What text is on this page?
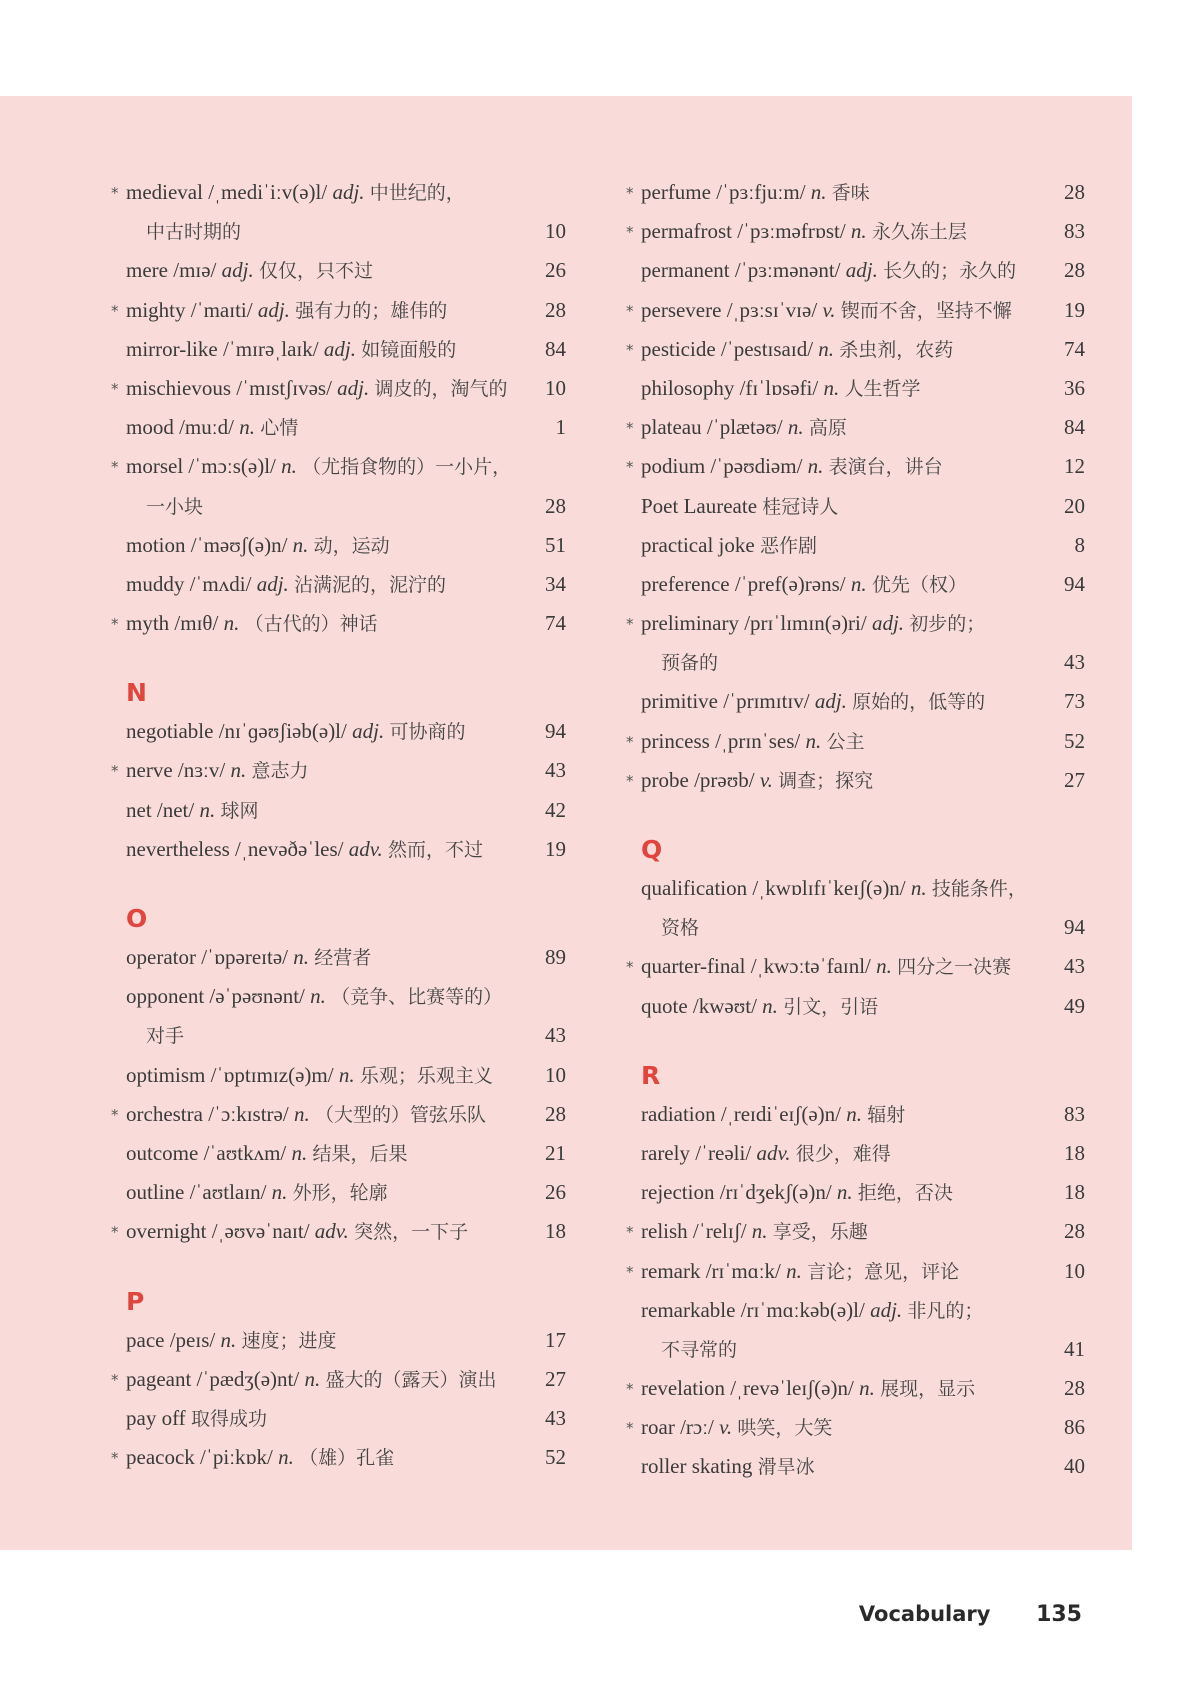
* medieval /ˌmediˈiːv(ə)l/ adj. 中世纪的，
中古时期的	10
mere /mɪə/ adj. 仅仅，只不过	26
* mighty /ˈmaɪti/ adj. 强有力的；雄伟的	28
mirror-like /ˈmɪrəˌlaɪk/ adj. 如镜面般的	84
* mischievous /ˈmɪstʃɪvəs/ adj. 调皮的，淘气的 10
mood /muːd/ n. 心情	1
* morsel /ˈmɔːs(ə)l/ n. （尤指食物的）一小片，
一小块	28
motion /ˈməʊʃ(ə)n/ n. 动，运动	51
muddy /ˈmʌdi/ adj. 沾满泥的，泥泞的	34
* myth /mɪθ/ n. （古代的）神话	74
N
negotiable /nɪˈɡəʊʃiəb(ə)l/ adj. 可协商的	94
* nerve /nɜːv/ n. 意志力	43
net /net/ n. 球网	42
nevertheless /ˌnevəðəˈles/ adv. 然而，不过	19
O
operator /ˈɒpəreɪtə/ n. 经营者	89
opponent /əˈpəʊnənt/ n. （竞争、比赛等的）
对手	43
optimism /ˈɒptɪmɪz(ə)m/ n. 乐观；乐观主义 10
* orchestra /ˈɔːkɪstrə/ n. （大型的）管弦乐队	28
outcome /ˈaʊtkʌm/ n. 结果，后果	21
outline /ˈaʊtlaɪn/ n. 外形，轮廓	26
* overnight /ˌəʊvəˈnaɪt/ adv. 突然，一下子	18
P
pace /peɪs/ n. 速度；进度	17
* pageant /ˈpædʒ(ə)nt/ n. 盛大的（露天）演出 27
pay off 取得成功	43
* peacock /ˈpiːkɒk/ n. （雄）孔雀	52
* perfume /ˈpɜːfjuːm/ n. 香味	28
* permafrost /ˈpɜːməfrɒst/ n. 永久冻土层	83
permanent /ˈpɜːmənənt/ adj. 长久的；永久的 28
* persevere /ˌpɜːsɪˈvɪə/ v. 锲而不舍，坚持不懈 19
* pesticide /ˈpestɪsaɪd/ n. 杀虫剂，农药	74
philosophy /fɪˈlɒsəfi/ n. 人生哲学	36
* plateau /ˈplætəʊ/ n. 高原	84
* podium /ˈpəʊdiəm/ n. 表演台，讲台	12
Poet Laureate 桂冠诗人	20
practical joke 恶作剧	8
preference /ˈpref(ə)rəns/ n. 优先（权）	94
* preliminary /prɪˈlɪmɪn(ə)ri/ adj. 初步的；
预备的	43
primitive /ˈprɪmɪtɪv/ adj. 原始的，低等的	73
* princess /ˌprɪnˈses/ n. 公主	52
* probe /prəʊb/ v. 调查；探究	27
Q
qualification /ˌkwɒlɪfɪˈkeɪʃ(ə)n/ n. 技能条件，
资格	94
* quarter-final /ˌkwɔːtəˈfaɪnl/ n. 四分之一决赛	43
quote /kwəʊt/ n. 引文，引语	49
R
radiation /ˌreɪdiˈeɪʃ(ə)n/ n. 辐射	83
rarely /ˈreəli/ adv. 很少，难得	18
rejection /rɪˈdʒekʃ(ə)n/ n. 拒绝，否决	18
* relish /ˈrelɪʃ/ n. 享受，乐趣	28
* remark /rɪˈmɑːk/ n. 言论；意见，评论	10
remarkable /rɪˈmɑːkəb(ə)l/ adj. 非凡的；
不寻常的	41
* revelation /ˌrevəˈleɪʃ(ə)n/ n. 展现，显示	28
* roar /rɔː/ v. 哄笑，大笑	86
roller skating 滑旱冰	40
Vocabulary 135
